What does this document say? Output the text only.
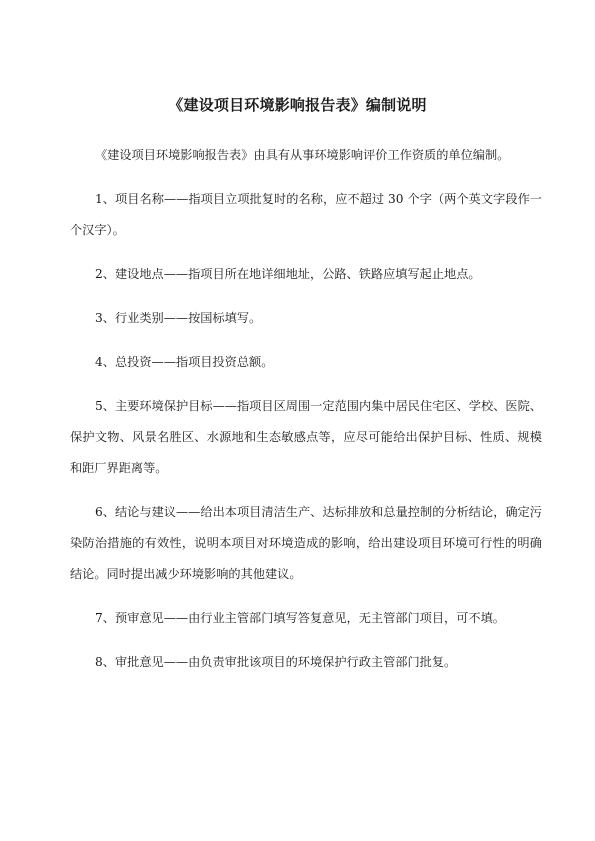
《建设项目环境影响报告表》编制说明

《建设项目环境影响报告表》由具有从事环境影响评价工作资质的单位编制。

1、项目名称——指项目立项批复时的名称，应不超过 30 个字（两个英文字段作一个汉字）。

2、建设地点——指项目所在地详细地址，公路、铁路应填写起止地点。

3、行业类别——按国标填写。

4、总投资——指项目投资总额。

5、主要环境保护目标——指项目区周围一定范围内集中居民住宅区、学校、医院、保护文物、风景名胜区、水源地和生态敏感点等，应尽可能给出保护目标、性质、规模和距厂界距离等。

6、结论与建议——给出本项目清洁生产、达标排放和总量控制的分析结论，确定污染防治措施的有效性，说明本项目对环境造成的影响，给出建设项目环境可行性的明确结论。同时提出减少环境影响的其他建议。

7、预审意见——由行业主管部门填写答复意见，无主管部门项目，可不填。

8、审批意见——由负责审批该项目的环境保护行政主管部门批复。
